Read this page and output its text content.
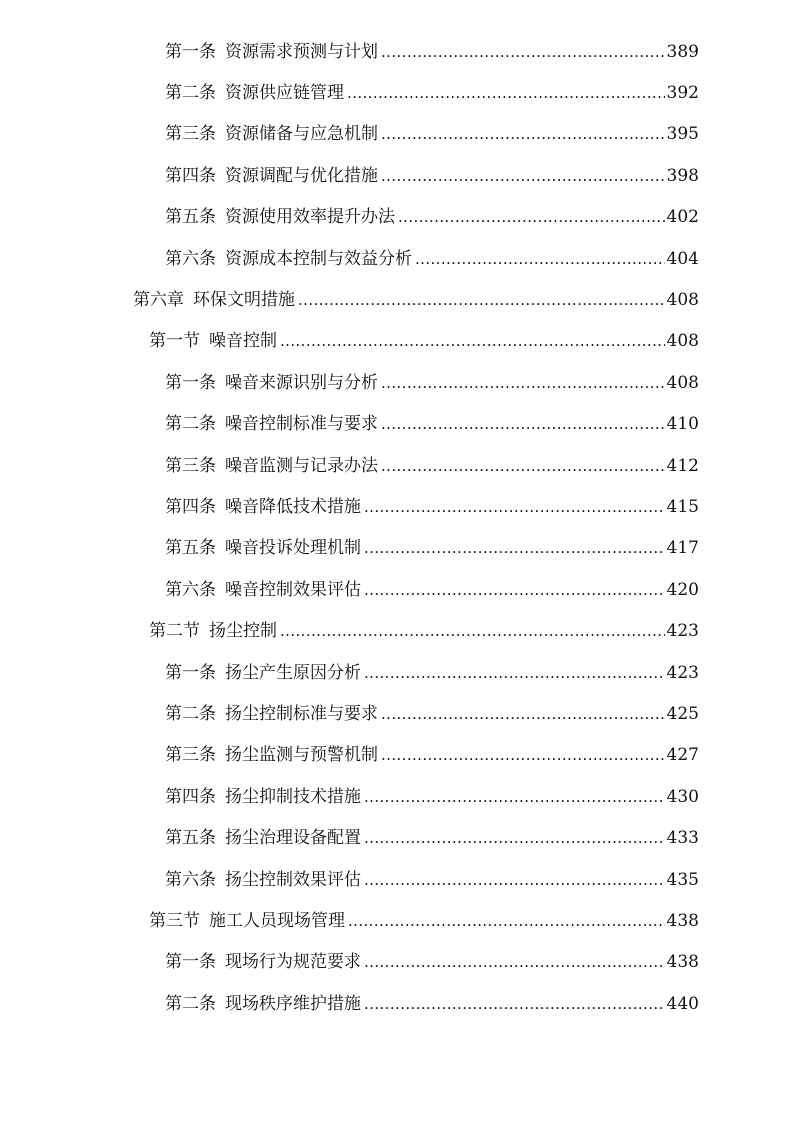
第一条 资源需求预测与计划 .....	389
第二条 资源供应链管理 .....	392
第三条 资源储备与应急机制 .....	395
第四条 资源调配与优化措施 .....	398
第五条 资源使用效率提升办法 .....	402
第六条 资源成本控制与效益分析 .....	404
第六章 环保文明措施 .....	408
第一节 噪音控制 .....	408
第一条 噪音来源识别与分析 .....	408
第二条 噪音控制标准与要求 .....	410
第三条 噪音监测与记录办法 .....	412
第四条 噪音降低技术措施 .....	415
第五条 噪音投诉处理机制 .....	417
第六条 噪音控制效果评估 .....	420
第二节 扬尘控制 .....	423
第一条 扬尘产生原因分析 .....	423
第二条 扬尘控制标准与要求 .....	425
第三条 扬尘监测与预警机制 .....	427
第四条 扬尘抑制技术措施 .....	430
第五条 扬尘治理设备配置 .....	433
第六条 扬尘控制效果评估 .....	435
第三节 施工人员现场管理 .....	438
第一条 现场行为规范要求 .....	438
第二条 现场秩序维护措施 .....	440
